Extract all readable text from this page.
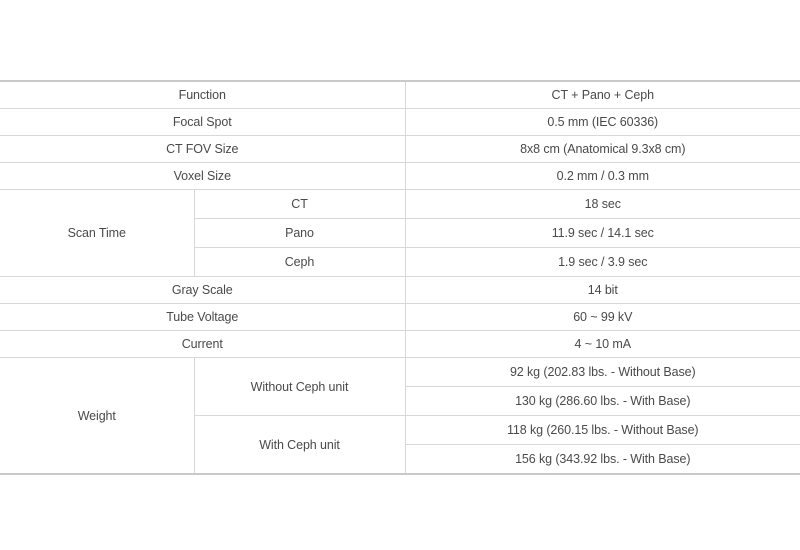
Function		CT + Pano + Ceph
Focal Spot		0.5 mm (IEC 60336)
CT FOV Size		8x8 cm (Anatomical 9.3x8 cm)
Voxel Size		0.2 mm / 0.3 mm
Scan Time	CT	18 sec
	Pano	11.9 sec / 14.1 sec
	Ceph	1.9 sec / 3.9 sec
Gray Scale		14 bit
Tube Voltage		60 ~ 99 kV
Current		4 ~ 10 mA
Weight	Without Ceph unit	92 kg (202.83 lbs. - Without Base)
		130 kg (286.60 lbs. - With Base)
	With Ceph unit	118 kg (260.15 lbs. - Without Base)
		156 kg (343.92 lbs. - With Base)
